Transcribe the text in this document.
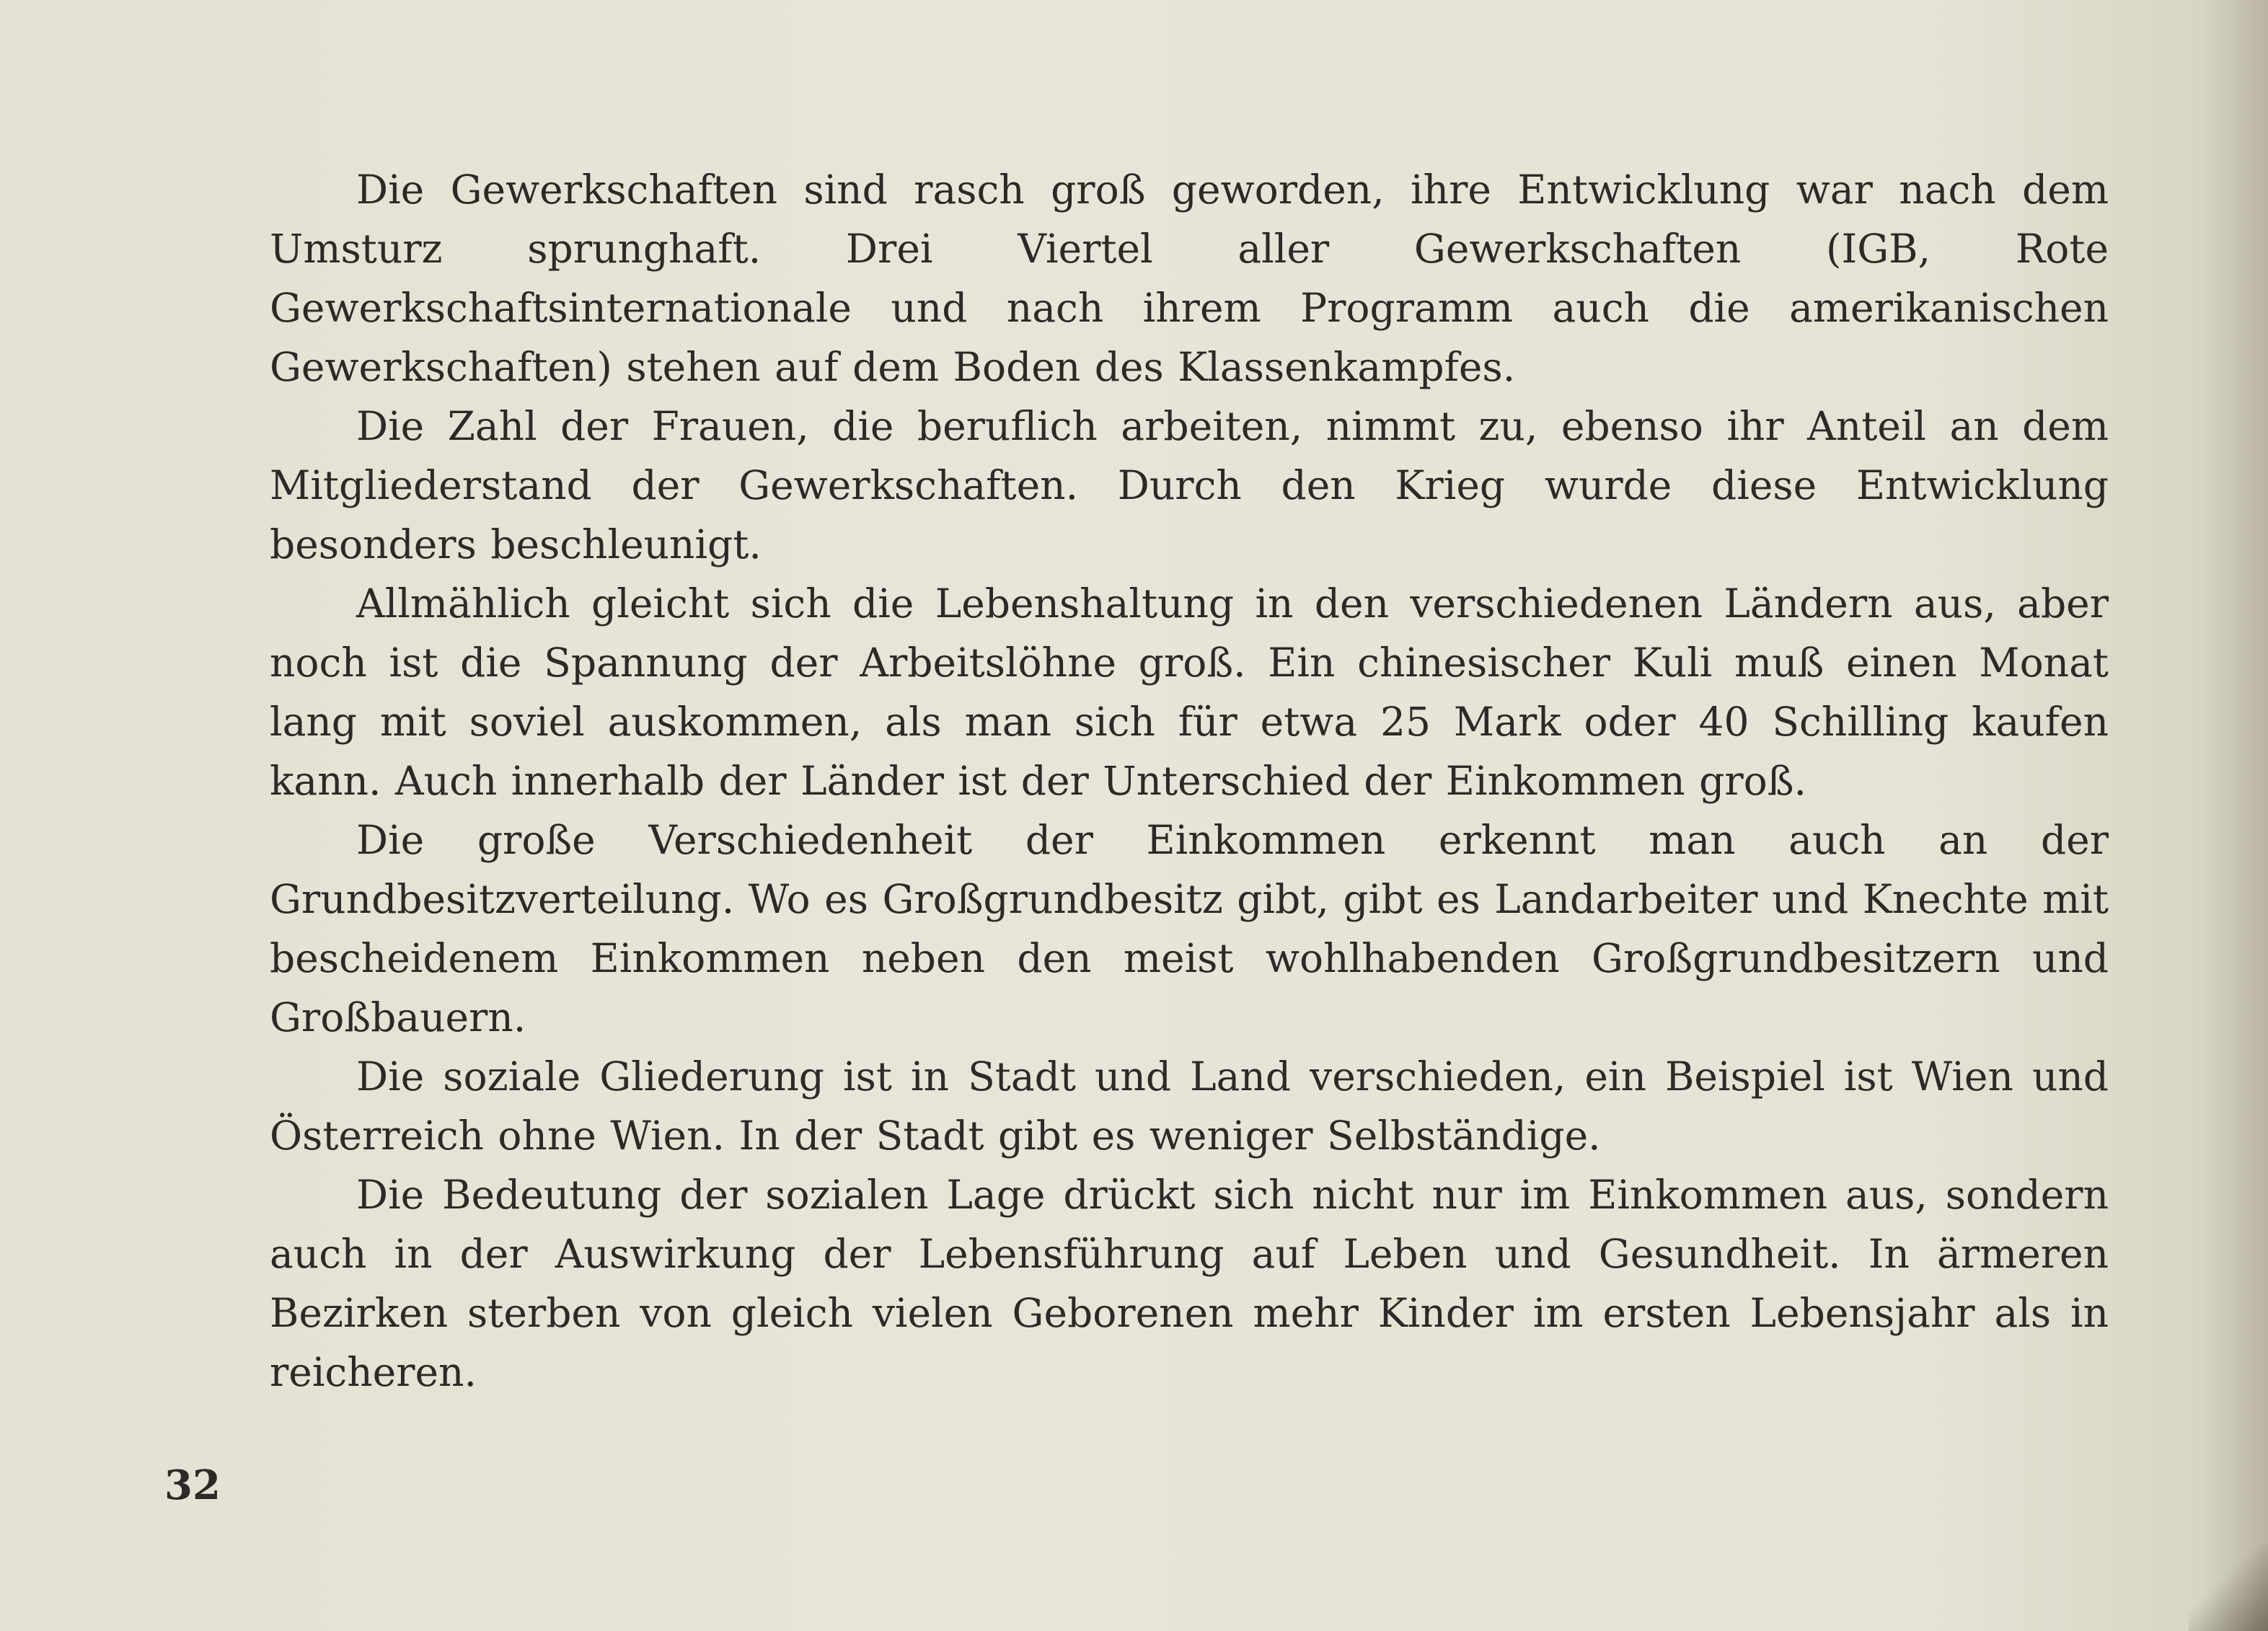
Die Gewerkschaften sind rasch groß geworden, ihre Entwicklung war nach dem Umsturz sprunghaft. Drei Viertel aller Gewerkschaften (IGB, Rote Gewerkschaftsinternationale und nach ihrem Programm auch die amerikanischen Gewerkschaften) stehen auf dem Boden des Klassenkampfes.

Die Zahl der Frauen, die beruflich arbeiten, nimmt zu, ebenso ihr Anteil an dem Mitgliederstand der Gewerkschaften. Durch den Krieg wurde diese Entwicklung besonders beschleunigt.

Allmählich gleicht sich die Lebenshaltung in den verschiedenen Ländern aus, aber noch ist die Spannung der Arbeitslöhne groß. Ein chinesischer Kuli muß einen Monat lang mit soviel auskommen, als man sich für etwa 25 Mark oder 40 Schilling kaufen kann. Auch innerhalb der Länder ist der Unterschied der Einkommen groß.

Die große Verschiedenheit der Einkommen erkennt man auch an der Grundbesitzverteilung. Wo es Großgrundbesitz gibt, gibt es Landarbeiter und Knechte mit bescheidenem Einkommen neben den meist wohlhabenden Großgrundbesitzern und Großbauern.

Die soziale Gliederung ist in Stadt und Land verschieden, ein Beispiel ist Wien und Österreich ohne Wien. In der Stadt gibt es weniger Selbständige.

Die Bedeutung der sozialen Lage drückt sich nicht nur im Einkommen aus, sondern auch in der Auswirkung der Lebensführung auf Leben und Gesundheit. In ärmeren Bezirken sterben von gleich vielen Geborenen mehr Kinder im ersten Lebensjahr als in reicheren.

32
